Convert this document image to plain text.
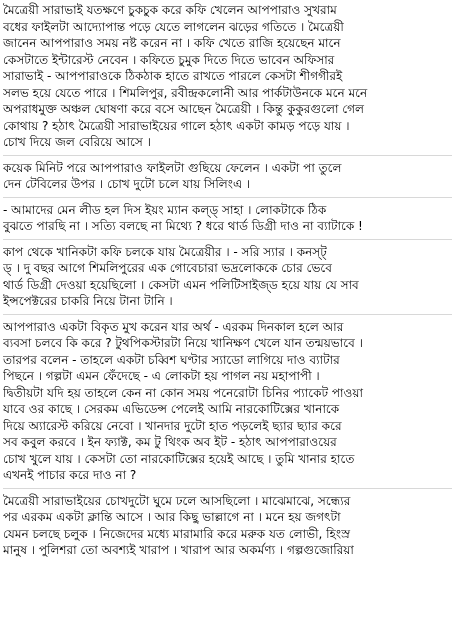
মৈত্রেয়ী সারাভাই যতক্ষণে চুকচুক করে কফি খেলেন আপপারাও সুখরাম
বধের ফাইলটা আদ্যোপান্ত পড়ে যেতে লাগলেন ঝড়ের গতিতে । মৈত্রেয়ী
জানেন আপপারাও সময় নষ্ট করেন না । কফি খেতে রাজি হয়েছেন মানে
কেসটাতে ইন্টারেস্ট নেবেন । কফিতে চুমুক দিতে দিতে ভাবেন অফিসার
সারাভাই - আপপারাওকে ঠিকঠাক হাতে রাখতে পারলে কেসটা শীগগীরই
সলভ হয়ে যেতে পারে । শিমলিপুর, রবীন্দ্রকলোনী আর পার্কটাউনকে মনে মনে
অপরাধমুক্ত অঞ্চল ঘোষণা করে বসে আছেন মৈত্রেয়ী । কিন্তু কুকুরগুলো গেল
কোথায় ? হঠাৎ মৈত্রেয়ী সারাভাইয়ের গালে হঠাৎ একটা কামড় পড়ে যায় ।
চোখ দিয়ে জল বেরিয়ে আসে ।
কয়েক মিনিট পরে আপপারাও ফাইলটা গুছিয়ে ফেলেন । একটা পা তুলে
দেন টেবিলের উপর । চোখ দুটো চলে যায় সিলিংএ ।
- আমাদের মেন লীড হল দিস ইয়ং ম্যান কল্ড্‌ সাহা । লোকটাকে ঠিক
বুঝতে পারছি না । সত্যি বলছে না মিথ্যে ? ধরে থার্ড ডিগ্রী দাও না ব্যাটাকে !
কাপ থেকে খানিকটা কফি চলকে যায় মৈত্রেয়ীর । - সরি স্যার । কনস্ট্
ড্ । দু বছর আগে শিমলিপুরের এক গোবেচারা ভদ্রলোককে চোর ভেবে
থার্ড ডিগ্রী দেওয়া হয়েছিলো । কেসটা এমন পলিটিসাইজ্‌ড হয়ে যায় যে সাব
ইন্সপেক্টরের চাকরি নিয়ে টানা টানি ।
আপপারাও একটা বিকৃত মুখ করেন যার অর্থ - এরকম দিনকাল হলে আর
ব্যবসা চলবে কি করে ? টুথপিকস্টারটা নিয়ে খানিক্ষণ খেলে যান তন্ময়ভাবে ।
তারপর বলেন - তাহলে একটা চব্বিশ ঘণ্টার স্যাডো লাগিয়ে দাও ব্যাটার
পিছনে । গল্পটা এমন ফেঁদেছে - এ লোকটা হয় পাগল নয় মহাপাপী ।
দ্বিতীয়টা যদি হয় তাহলে কেন না কোন সময় পনেরোটা চিনির প্যাকেট পাওয়া
যাবে ওর কাছে । সেরকম এভিডেন্স পেলেই আমি নারকোটিক্সের খানাকে
দিয়ে অ্যারেস্ট করিয়ে নেবো । খানদার দুটো হাত পড়লেই ছ্যার ছ্যার করে
সব কবুল করবে । ইন ফ্যাক্ট, কম টু থিংক অব ইট - হঠাৎ আপপারাওয়ের
চোখ খুলে যায় । কেসটা তো নারকোটিক্সের হয়েই আছে । তুমি খানার হাতে
এখনই পাচার করে দাও না ?
মৈত্রেয়ী সারাভাইয়ের চোখদুটো ঘুমে ঢলে আসছিলো । মাঝেমাঝে, সন্ধ্যের
পর এরকম একটা ক্লান্তি আসে । আর কিছু ভাল্লাগে না । মনে হয় জগৎটা
যেমন চলছে চলুক । নিজেদের মধ্যে মারামারি করে মরুক যত লোভী, হিংস্র
মানুষ । পুলিশরা তো অবশ্যই খারাপ । খারাপ আর অকর্মণ্য । গল্পগুজোরিয়া
